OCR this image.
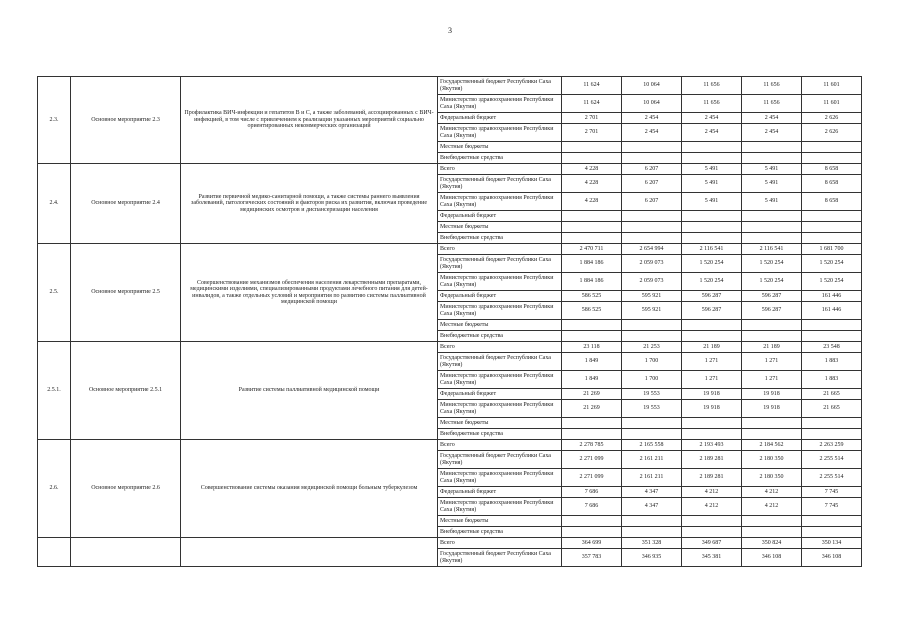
3
2.3.	Основное мероприятие 2.3	Профилактика ВИЧ-инфекции и гепатитов В и С, а также заболеваний, ассоциированных с ВИЧ-инфекцией, в том числе с привлечением к реализации указанных мероприятий социально ориентированных некоммерческих организаций	Государственный бюджет Республики Саха (Якутия)	11 624	10 064	11 656	11 656	11 601
			Министерство здравоохранения Республики Саха (Якутия)	11 624	10 064	11 656	11 656	11 601
			Федеральный бюджет	2 701	2 454	2 454	2 454	2 626
			Министерство здравоохранения Республики Саха (Якутия)	2 701	2 454	2 454	2 454	2 626
			Местные бюджеты					
			Внебюджетные средства					
2.4.	Основное мероприятие 2.4	Развитие первичной медико-санитарной помощи, а также системы раннего выявления заболеваний, патологических состояний и факторов риска их развития, включая проведение медицинских осмотров и диспансеризации населения	Всего	4 228	6 207	5 491	5 491	8 658
			Государственный бюджет Республики Саха (Якутия)	4 228	6 207	5 491	5 491	8 658
			Министерство здравоохранения Республики Саха (Якутия)	4 228	6 207	5 491	5 491	8 658
			Федеральный бюджет					
			Местные бюджеты					
			Внебюджетные средства					
2.5.	Основное мероприятие 2.5	Совершенствование механизмов обеспечения населения лекарственными препаратами, медицинскими изделиями, специализированными продуктами лечебного питания для детей-инвалидов, а также отдельных условий и мероприятия по развитию системы паллиативной медицинской помощи	Всего	2 470 711	2 654 994	2 116 541	2 116 541	1 681 700
			Государственный бюджет Республики Саха (Якутия)	1 884 186	2 059 073	1 520 254	1 520 254	1 520 254
			Министерство здравоохранения Республики Саха (Якутия)	1 884 186	2 059 073	1 520 254	1 520 254	1 520 254
			Федеральный бюджет	586 525	595 921	596 287	596 287	161 446
			Министерство здравоохранения Республики Саха (Якутия)	586 525	595 921	596 287	596 287	161 446
			Местные бюджеты					
			Внебюджетные средства					
2.5.1.	Основное мероприятие 2.5.1	Развитие системы паллиативной медицинской помощи	Всего	23 118	21 253	21 189	21 189	23 548
			Государственный бюджет Республики Саха (Якутия)	1 849	1 700	1 271	1 271	1 883
			Министерство здравоохранения Республики Саха (Якутия)	1 849	1 700	1 271	1 271	1 883
			Федеральный бюджет	21 269	19 553	19 918	19 918	21 665
			Министерство здравоохранения Республики Саха (Якутия)	21 269	19 553	19 918	19 918	21 665
			Местные бюджеты					
			Внебюджетные средства					
2.6.	Основное мероприятие 2.6	Совершенствование системы оказания медицинской помощи больным туберкулезом	Всего	2 278 785	2 165 558	2 193 493	2 184 562	2 263 259
			Государственный бюджет Республики Саха (Якутия)	2 271 099	2 161 211	2 189 281	2 180 350	2 255 514
			Министерство здравоохранения Республики Саха (Якутия)	2 271 099	2 161 211	2 189 281	2 180 350	2 255 514
			Федеральный бюджет	7 686	4 347	4 212	4 212	7 745
			Министерство здравоохранения Республики Саха (Якутия)	7 686	4 347	4 212	4 212	7 745
			Местные бюджеты					
			Внебюджетные средства					
			Всего	364 699	351 328	349 687	350 824	350 134
			Государственный бюджет Республики Саха (Якутия)	357 783	346 935	345 381	346 108	346 108
